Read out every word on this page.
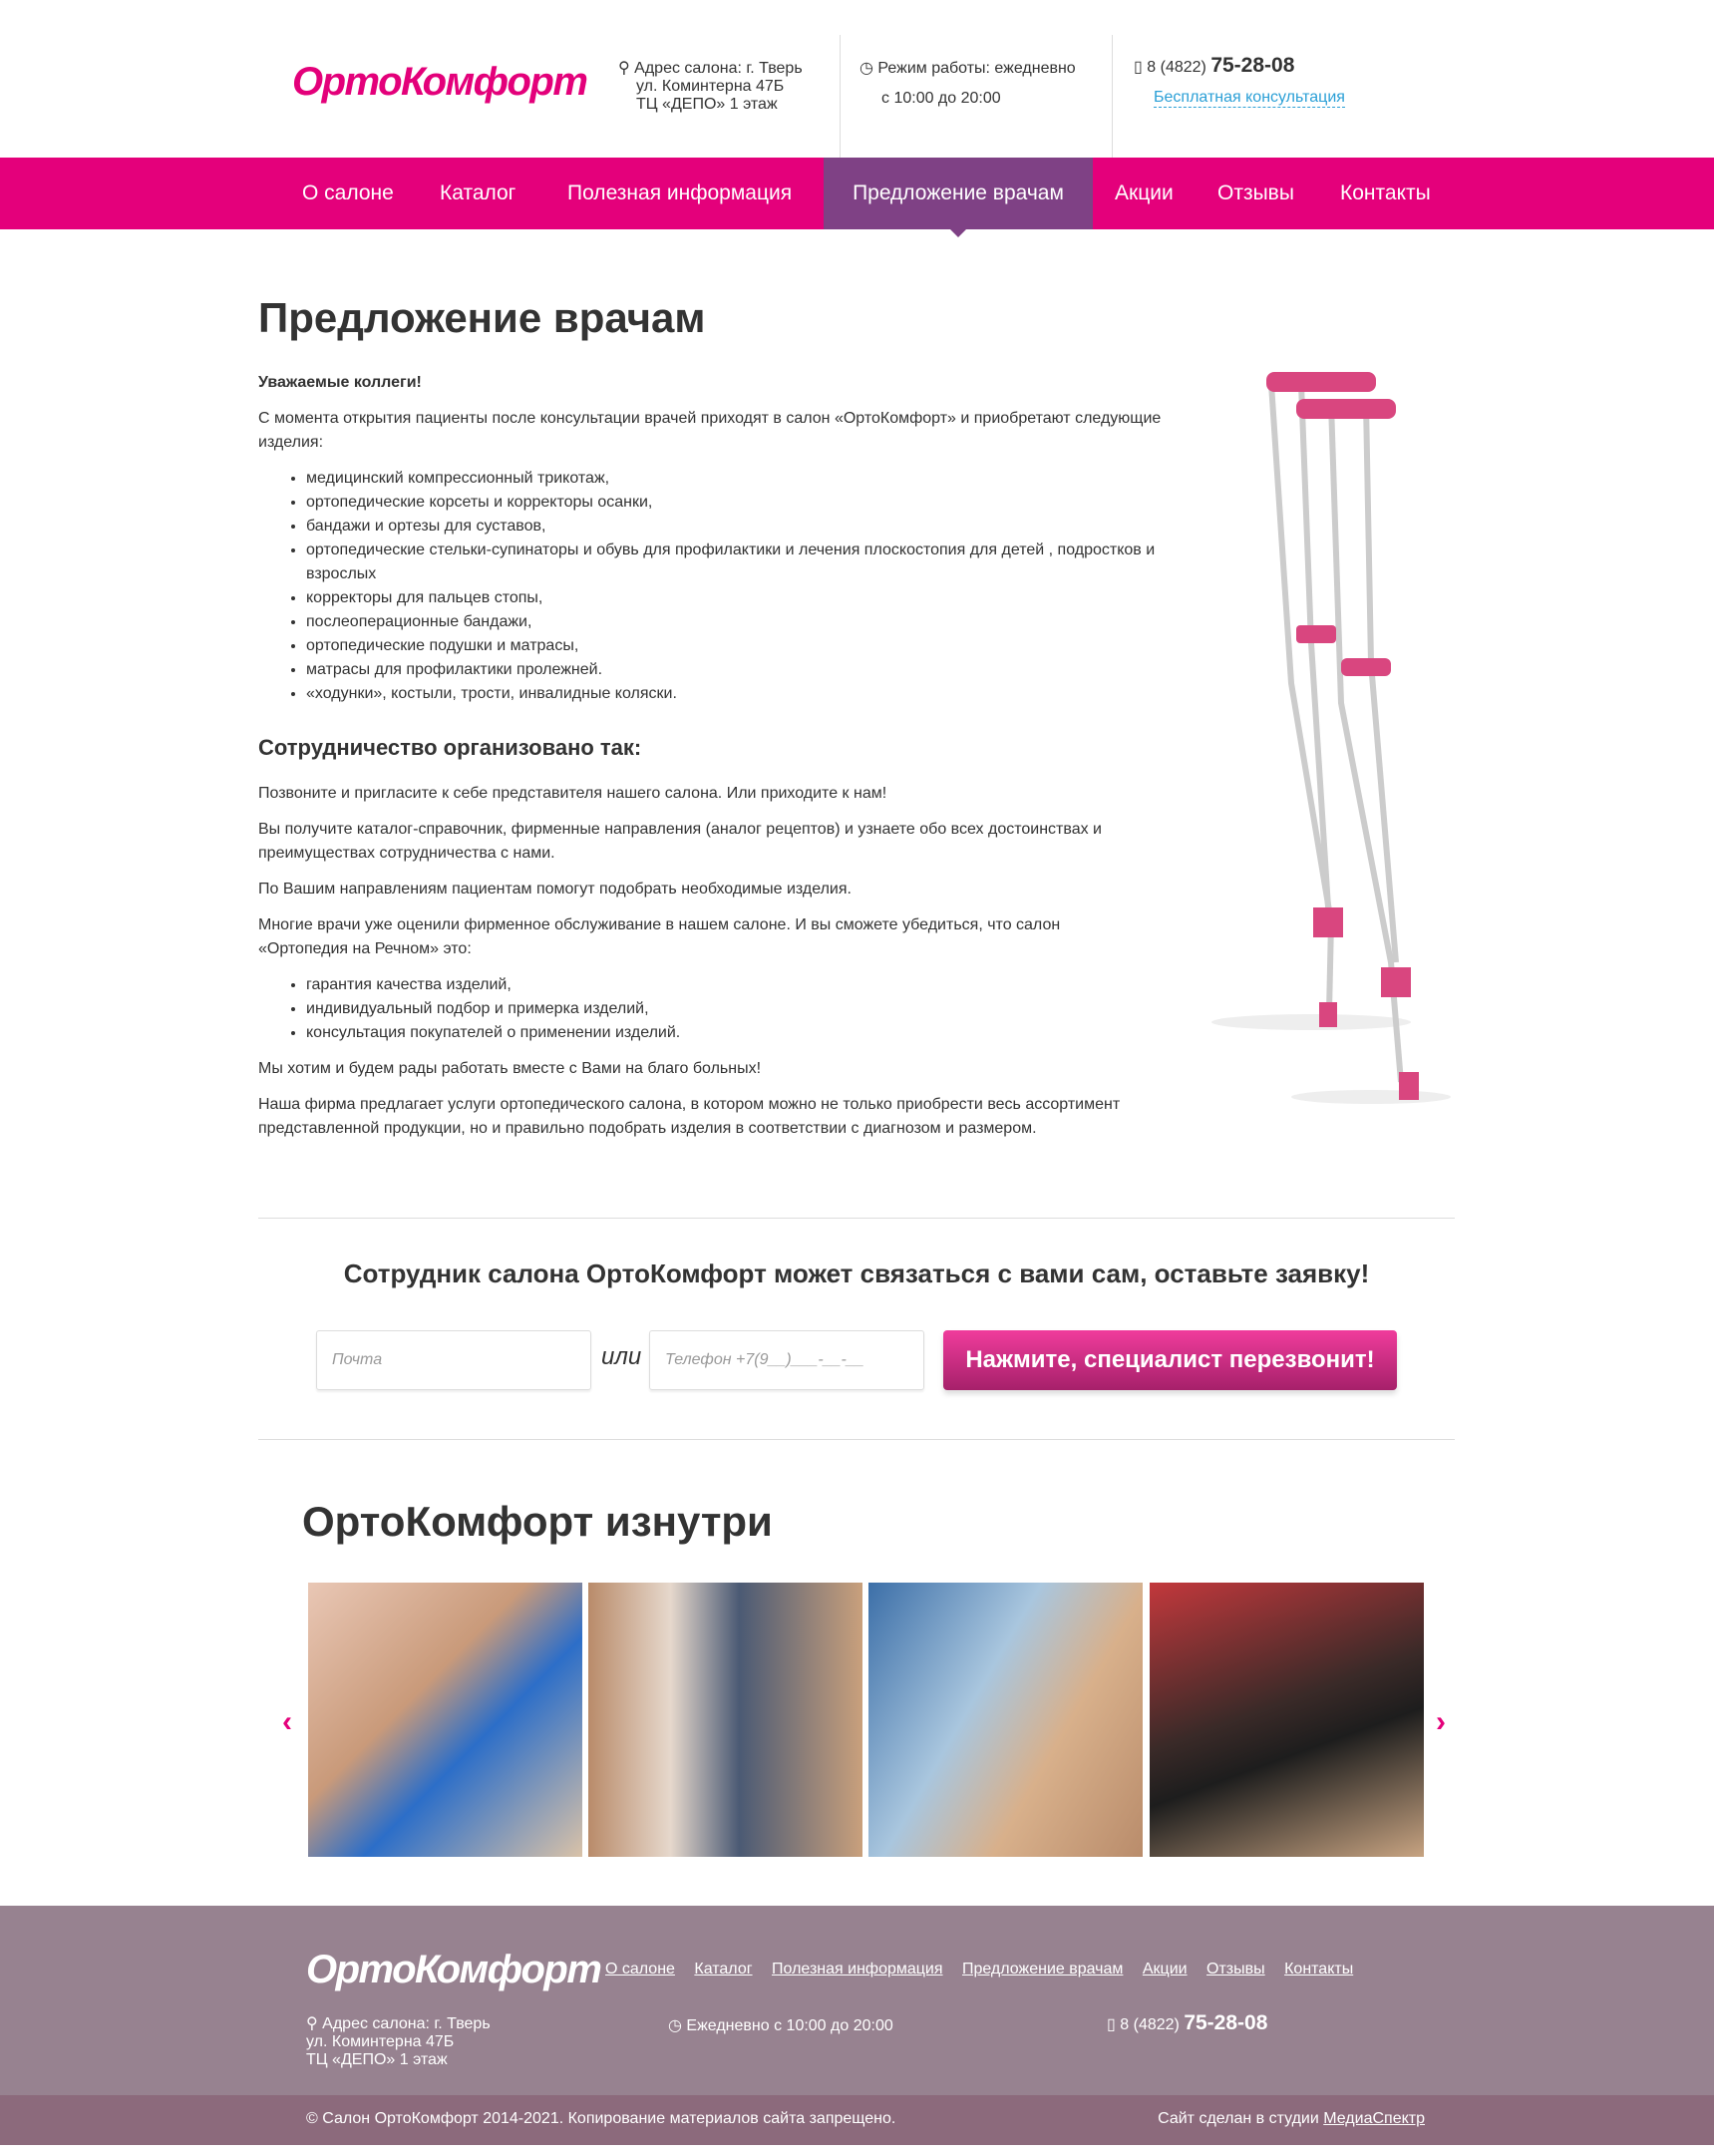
ОртоКомфорт ⚲ Адрес салона: г. Тверь
ул. Коминтерна 47Б
ТЦ «ДЕПО» 1 этаж
◷ Режим работы: ежедневно
с 10:00 до 20:00
▯ 8 (4822) 75-28-08
Бесплатная консультация
О салоне	Каталог	Полезная информация	Предложение врачам	Акции	Отзывы	Контакты
Предложение врачам

Уважаемые коллеги!

С момента открытия пациенты после консультации врачей приходят в салон «ОртоКомфорт» и приобретают следующие изделия:

• медицинский компрессионный трикотаж,
• ортопедические корсеты и корректоры осанки,
• бандажи и ортезы для суставов,
• ортопедические стельки-супинаторы и обувь для профилактики и лечения плоскостопия для детей , подростков и взрослых
• корректоры для пальцев стопы,
• послеоперационные бандажи,
• ортопедические подушки и матрасы,
• матрасы для профилактики пролежней.
• «ходунки», костыли, трости, инвалидные коляски.
Сотрудничество организовано так:

Позвоните и пригласите к себе представителя нашего салона. Или приходите к нам!

Вы получите каталог-справочник, фирменные направления (аналог рецептов) и узнаете обо всех достоинствах и преимуществах сотрудничества с нами.

По Вашим направлениям пациентам помогут подобрать необходимые изделия.

Многие врачи уже оценили фирменное обслуживание в нашем салоне. И вы сможете убедиться, что салон «Ортопедия на Речном» это:

• гарантия качества изделий,
• индивидуальный подбор и примерка изделий,
• консультация покупателей о применении изделий.

Мы хотим и будем рады работать вместе с Вами на благо больных!

Наша фирма предлагает услуги ортопедического салона, в котором можно не только приобрести весь ассортимент представленной продукции, но и правильно подобрать изделия в соответствии с диагнозом и размером.

Сотрудник салона ОртоКомфорт может связаться с вами сам, оставьте заявку!
Почта	или	Телефон +7(9__)___-__-__	Нажмите, специалист перезвонит!
ОртоКомфорт изнутри
‹	›
ОртоКомфорт О салоне Каталог Полезная информация Предложение врачам Акции Отзывы Контакты
⚲ Адрес салона: г. Тверь
ул. Коминтерна 47Б
ТЦ «ДЕПО» 1 этаж
◷ Ежедневно с 10:00 до 20:00	▯ 8 (4822) 75-28-08
© Салон ОртоКомфорт 2014-2021. Копирование материалов сайта запрещено.	Сайт сделан в студии МедиаСпектр
